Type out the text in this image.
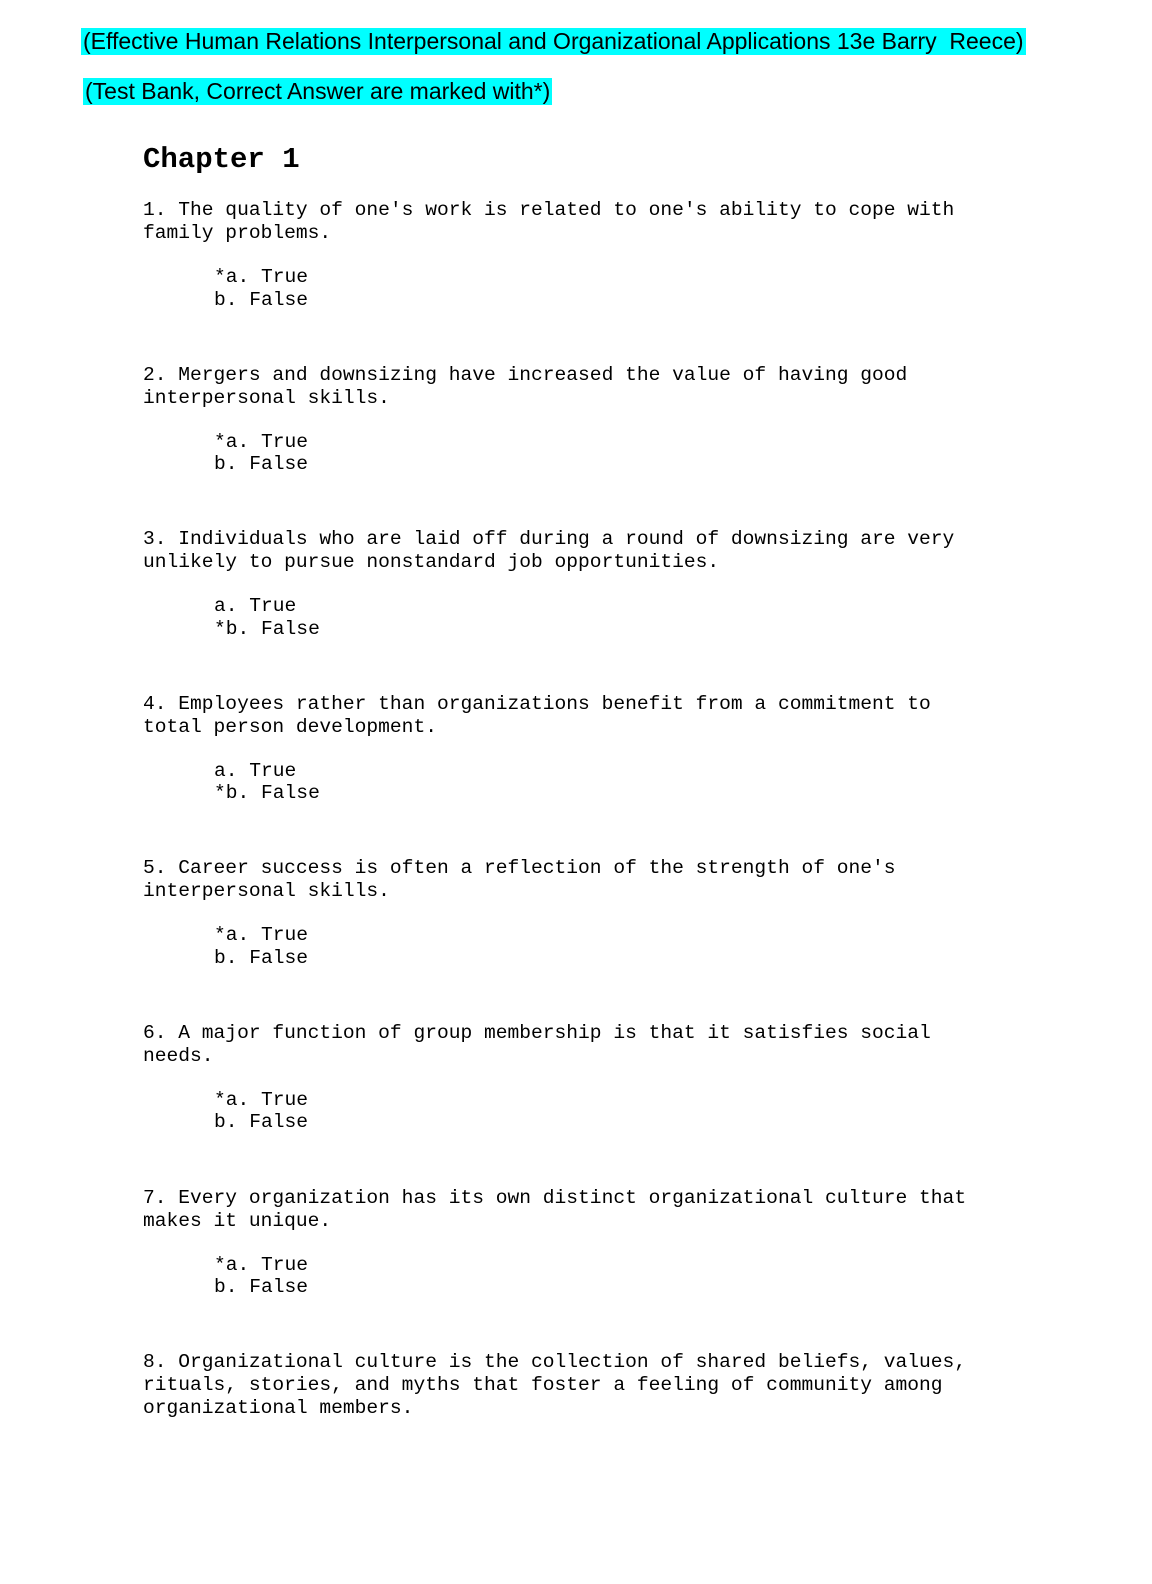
(Effective Human Relations Interpersonal and Organizational Applications 13e Barry  Reece)
(Test Bank, Correct Answer are marked with*)
Chapter 1
1. The quality of one's work is related to one's ability to cope with
family problems.
*a. True
b. False
2. Mergers and downsizing have increased the value of having good
interpersonal skills.
*a. True
b. False
3. Individuals who are laid off during a round of downsizing are very
unlikely to pursue nonstandard job opportunities.
a. True
*b. False
4. Employees rather than organizations benefit from a commitment to
total person development.
a. True
*b. False
5. Career success is often a reflection of the strength of one's
interpersonal skills.
*a. True
b. False
6. A major function of group membership is that it satisfies social
needs.
*a. True
b. False
7. Every organization has its own distinct organizational culture that
makes it unique.
*a. True
b. False
8. Organizational culture is the collection of shared beliefs, values,
rituals, stories, and myths that foster a feeling of community among
organizational members.
